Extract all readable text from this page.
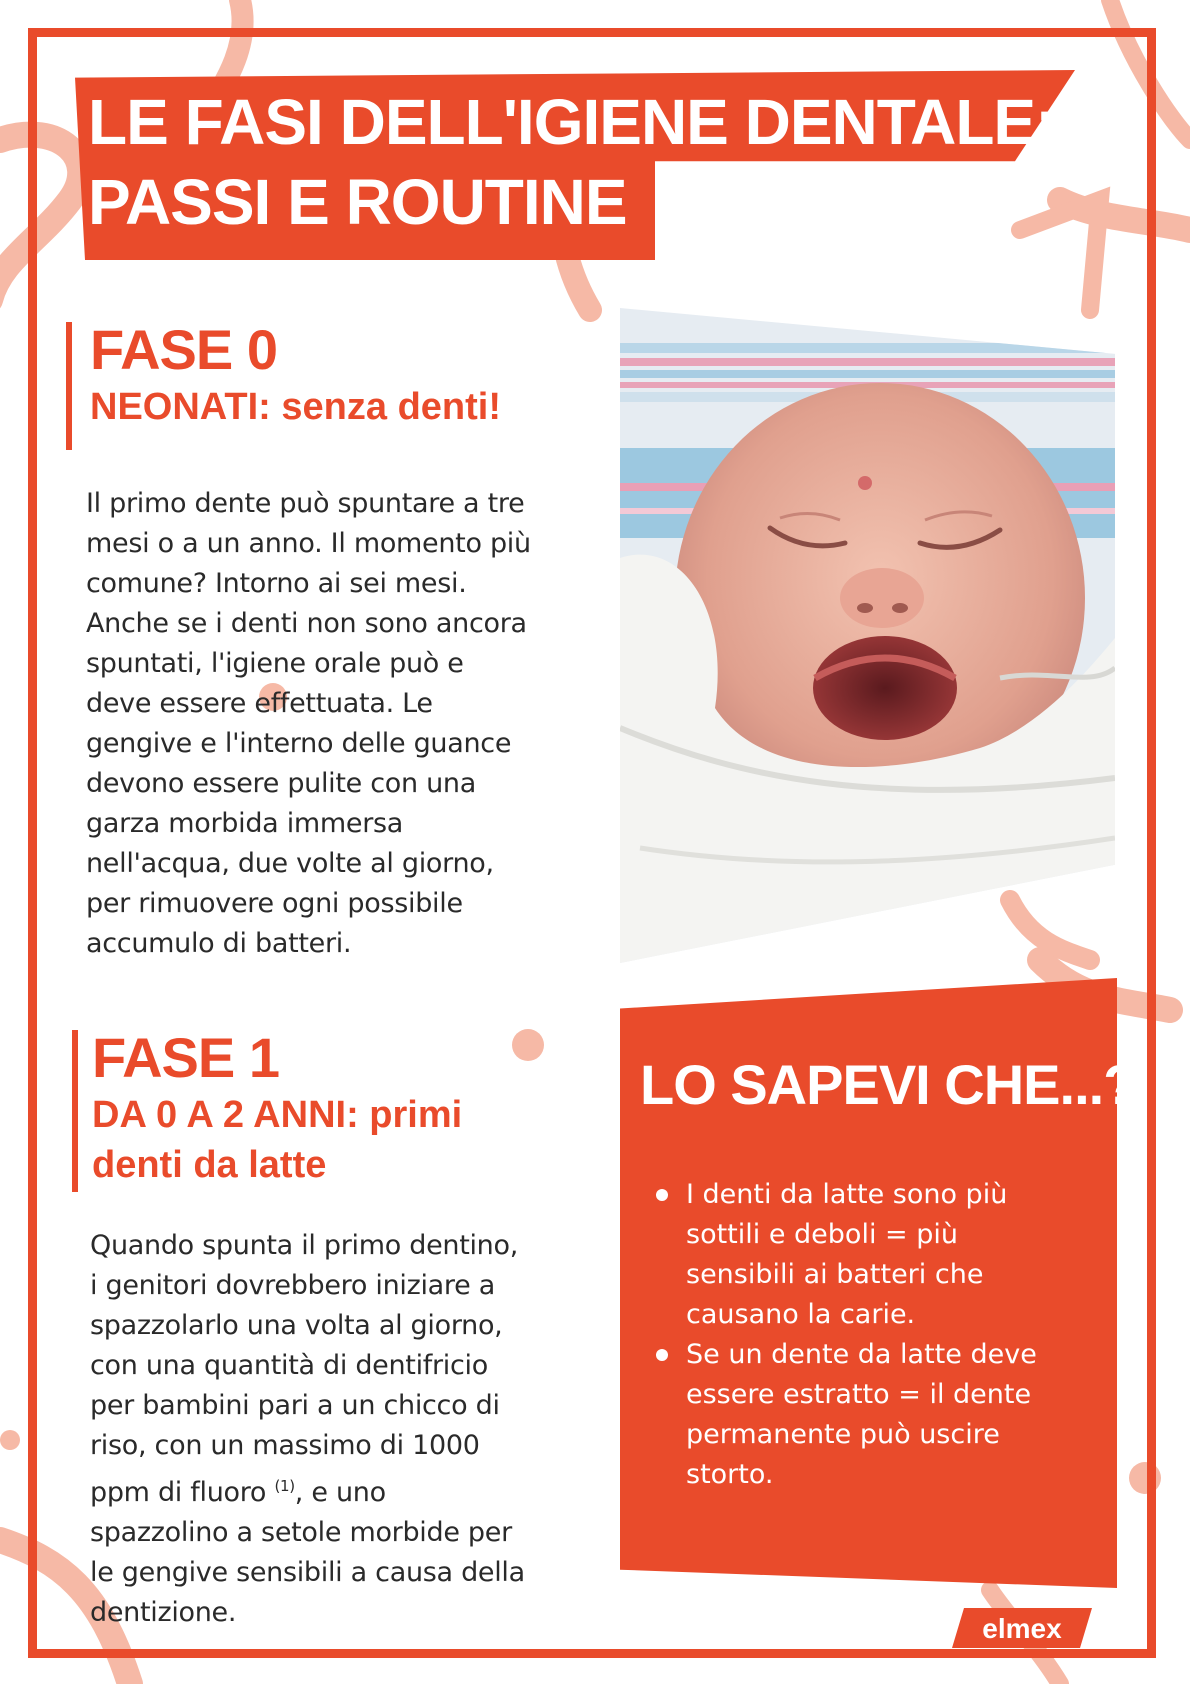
LE FASI DELL'IGIENE DENTALE:
PASSI E ROUTINE
FASE 0
NEONATI: senza denti!

Il primo dente può spuntare a tre
mesi o a un anno. Il momento più
comune? Intorno ai sei mesi.
Anche se i denti non sono ancora
spuntati, l'igiene orale può e
deve essere effettuata. Le
gengive e l'interno delle guance
devono essere pulite con una
garza morbida immersa
nell'acqua, due volte al giorno,
per rimuovere ogni possibile
accumulo di batteri.

FASE 1
DA 0 A 2 ANNI: primi
denti da latte

Quando spunta il primo dentino,
i genitori dovrebbero iniziare a
spazzolarlo una volta al giorno,
con una quantità di dentifricio
per bambini pari a un chicco di
riso, con un massimo di 1000
ppm di fluoro $^{(1)}$, e uno
spazzolino a setole morbide per
le gengive sensibili a causa della
dentizione.

LO SAPEVI CHE...?
I denti da latte sono più
sottili e deboli = più
sensibili ai batteri che
causano la carie.
Se un dente da latte deve
essere estratto = il dente
permanente può uscire
storto.
elmex
